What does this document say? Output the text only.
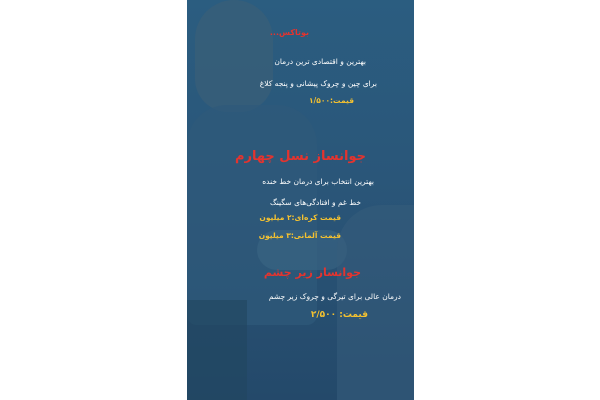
بوتاکس...
بهترین و اقتصادی ترین درمان
برای چین و چروک پیشانی و پنجه کلاغ
قیمت:۱/۵۰۰
جوانساز نسل چهارم
بهترین انتخاب برای درمان خط خنده
خط غم و افتادگی‌های سگینگ
قیمت کره‌ای:۲ میلیون
قیمت آلمانی:۳ میلیون
جوانساز زیر چشم
درمان عالی برای تیرگی و چروک زیر چشم
قیمت: ۲/۵۰۰
